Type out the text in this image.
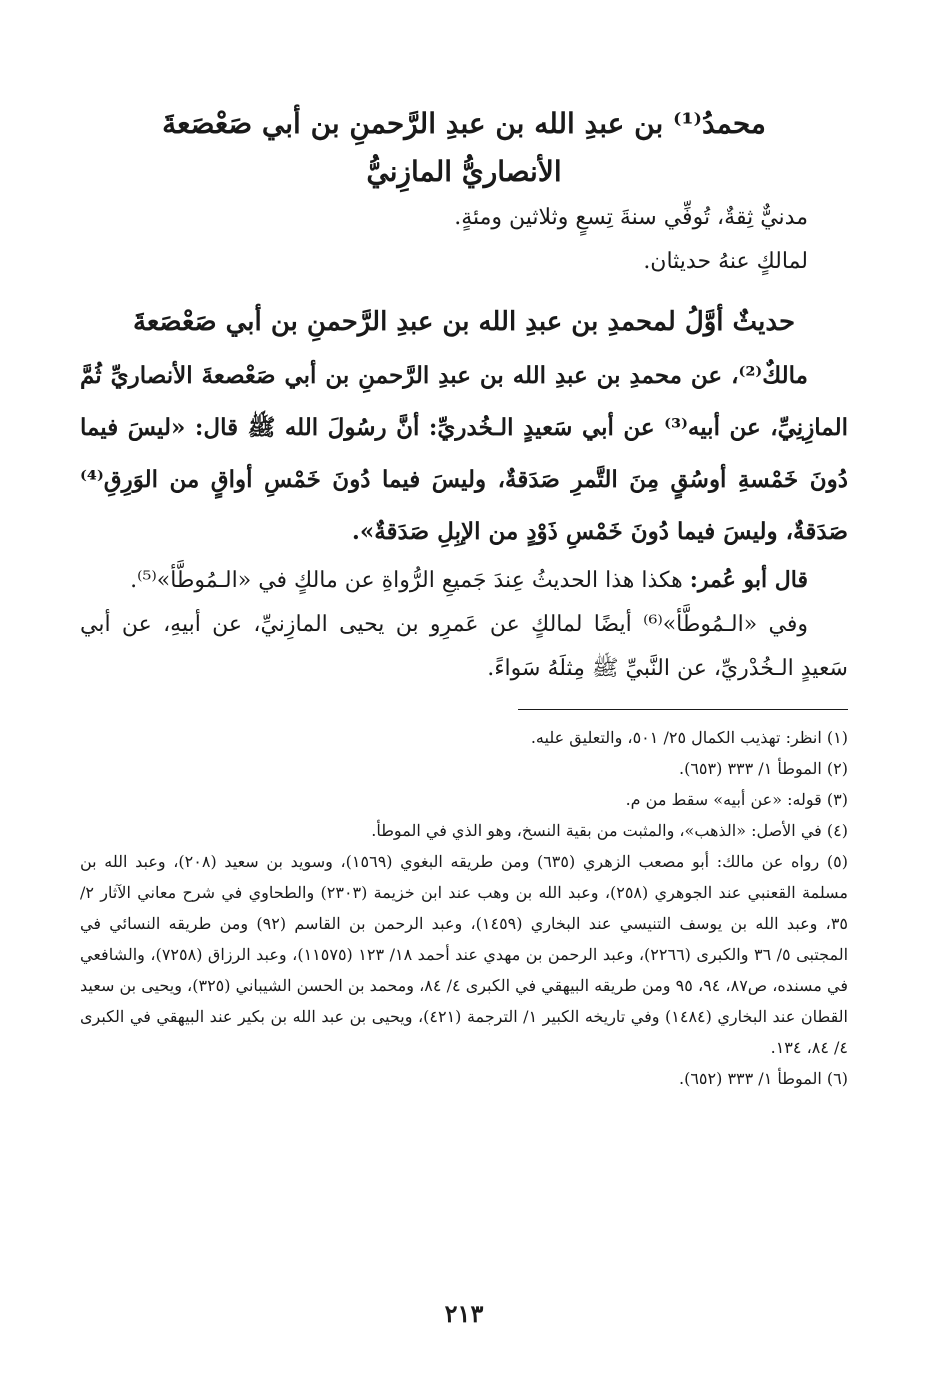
محمدُ⁽¹⁾ بن عبدِ الله بن عبدِ الرَّحمنِ بن أبي صَعْصَعةَ
الأنصاريُّ المازِنيُّ

مدنيٌّ ثِقةٌ، تُوفِّي سنةَ تِسعٍ وثلاثين ومئةٍ.

لمالكٍ عنهُ حديثان.

حديثٌ أوَّلُ لمحمدِ بن عبدِ الله بن عبدِ الرَّحمنِ بن أبي صَعْصَعةَ

مالكٌ⁽²⁾، عن محمدِ بن عبدِ الله بن عبدِ الرَّحمنِ بن أبي صَعْصعةَ الأنصاريِّ ثُمَّ المازِنِيِّ، عن أبيه⁽³⁾ عن أبي سَعيدٍ الـخُدريِّ: أنَّ رسُولَ الله ﷺ قال: «ليسَ فيما دُونَ خَمْسةِ أوسُقٍ مِنَ التَّمرِ صَدَقةٌ، وليسَ فيما دُونَ خَمْسِ أواقٍ من الوَرِقِ⁽⁴⁾ صَدَقةٌ، وليسَ فيما دُونَ خَمْسِ ذَوْدٍ من الإبِلِ صَدَقةٌ».

قال أبو عُمر: هكذا هذا الحديثُ عِندَ جَميعِ الرُّواةِ عن مالكٍ في «الـمُوطَّأ»⁽⁵⁾.

وفي «الـمُوطَّأ»⁽⁶⁾ أيضًا لمالكٍ عن عَمرِو بن يحيى المازِنيِّ، عن أبيهِ، عن أبي سَعيدٍ الـخُدْريِّ، عن النَّبيِّ ﷺ مِثلَهُ سَواءً.

(١) انظر: تهذيب الكمال ٢٥/ ٥٠١، والتعليق عليه.
(٢) الموطأ ١/ ٣٣٣ (٦٥٣).
(٣) قوله: «عن أبيه» سقط من م.
(٤) في الأصل: «الذهب»، والمثبت من بقية النسخ، وهو الذي في الموطأ.
(٥) رواه عن مالك: أبو مصعب الزهري (٦٣٥) ومن طريقه البغوي (١٥٦٩)، وسويد بن سعيد (٢٠٨)، وعبد الله بن مسلمة القعنبي عند الجوهري (٢٥٨)، وعبد الله بن وهب عند ابن خزيمة (٢٣٠٣) والطحاوي في شرح معاني الآثار ٢/ ٣٥، وعبد الله بن يوسف التنيسي عند البخاري (١٤٥٩)، وعبد الرحمن بن القاسم (٩٢) ومن طريقه النسائي في المجتبى ٥/ ٣٦ والكبرى (٢٢٦٦)، وعبد الرحمن بن مهدي عند أحمد ١٨/ ١٢٣ (١١٥٧٥)، وعبد الرزاق (٧٢٥٨)، والشافعي في مسنده، ص٨٧، ٩٤، ٩٥ ومن طريقه البيهقي في الكبرى ٤/ ٨٤، ومحمد بن الحسن الشيباني (٣٢٥)، ويحيى بن سعيد القطان عند البخاري (١٤٨٤) وفي تاريخه الكبير ١/ الترجمة (٤٢١)، ويحيى بن عبد الله بن بكير عند البيهقي في الكبرى ٤/ ٨٤، ١٣٤.
(٦) الموطأ ١/ ٣٣٣ (٦٥٢).
٢١٣
